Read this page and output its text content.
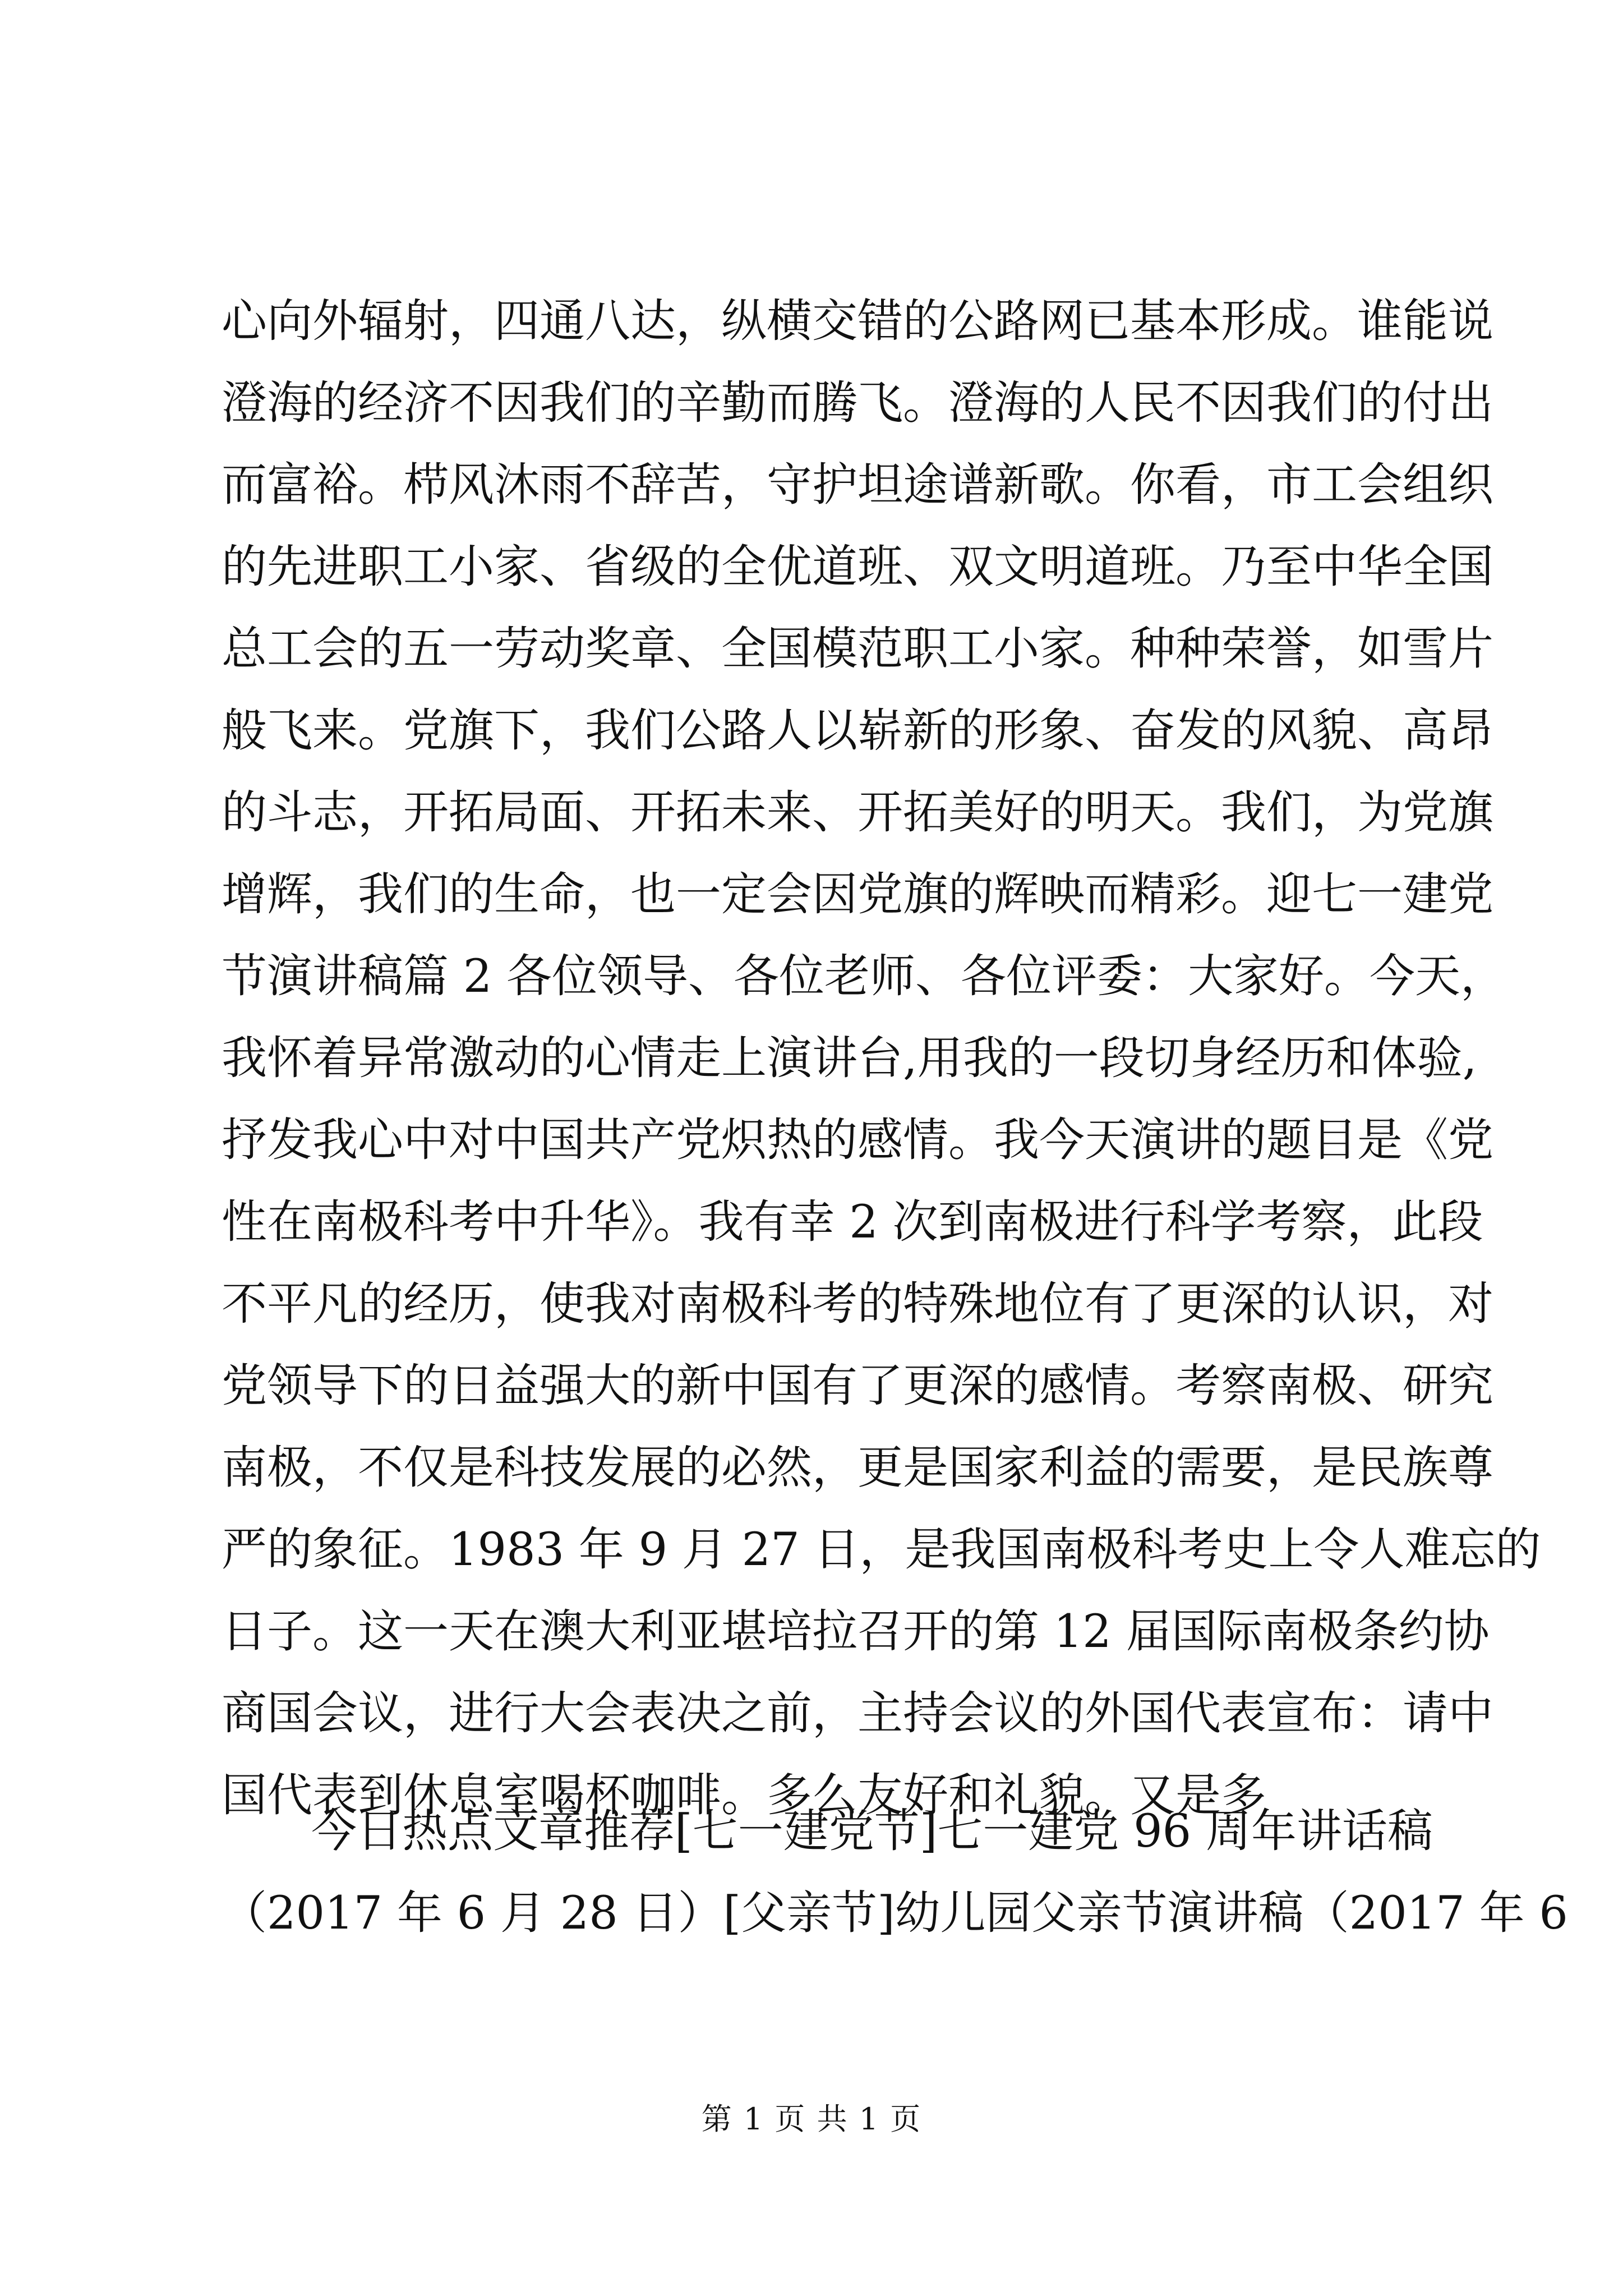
心向外辐射，四通八达，纵横交错的公路网已基本形成。谁能说
澄海的经济不因我们的辛勤而腾飞。澄海的人民不因我们的付出
而富裕。栉风沐雨不辞苦，守护坦途谱新歌。你看，市工会组织
的先进职工小家、省级的全优道班、双文明道班。乃至中华全国
总工会的五一劳动奖章、全国模范职工小家。种种荣誉，如雪片
般飞来。党旗下，我们公路人以崭新的形象、奋发的风貌、高昂
的斗志，开拓局面、开拓未来、开拓美好的明天。我们，为党旗
增辉，我们的生命，也一定会因党旗的辉映而精彩。迎七一建党
节演讲稿篇 2 各位领导、各位老师、各位评委：大家好。今天，
我怀着异常激动的心情走上演讲台,用我的一段切身经历和体验,
抒发我心中对中国共产党炽热的感情。我今天演讲的题目是《党
性在南极科考中升华》。我有幸 2 次到南极进行科学考察，此段
不平凡的经历，使我对南极科考的特殊地位有了更深的认识，对
党领导下的日益强大的新中国有了更深的感情。考察南极、研究
南极，不仅是科技发展的必然，更是国家利益的需要，是民族尊
严的象征。1983 年 9 月 27 日，是我国南极科考史上令人难忘的
日子。这一天在澳大利亚堪培拉召开的第 12 届国际南极条约协
商国会议，进行大会表决之前，主持会议的外国代表宣布：请中
国代表到休息室喝杯咖啡。多么友好和礼貌。又是多
今日热点文章推荐[七一建党节]七一建党 96 周年讲话稿
（2017 年 6 月 28 日）[父亲节]幼儿园父亲节演讲稿（2017 年 6
第 1 页 共 1 页
